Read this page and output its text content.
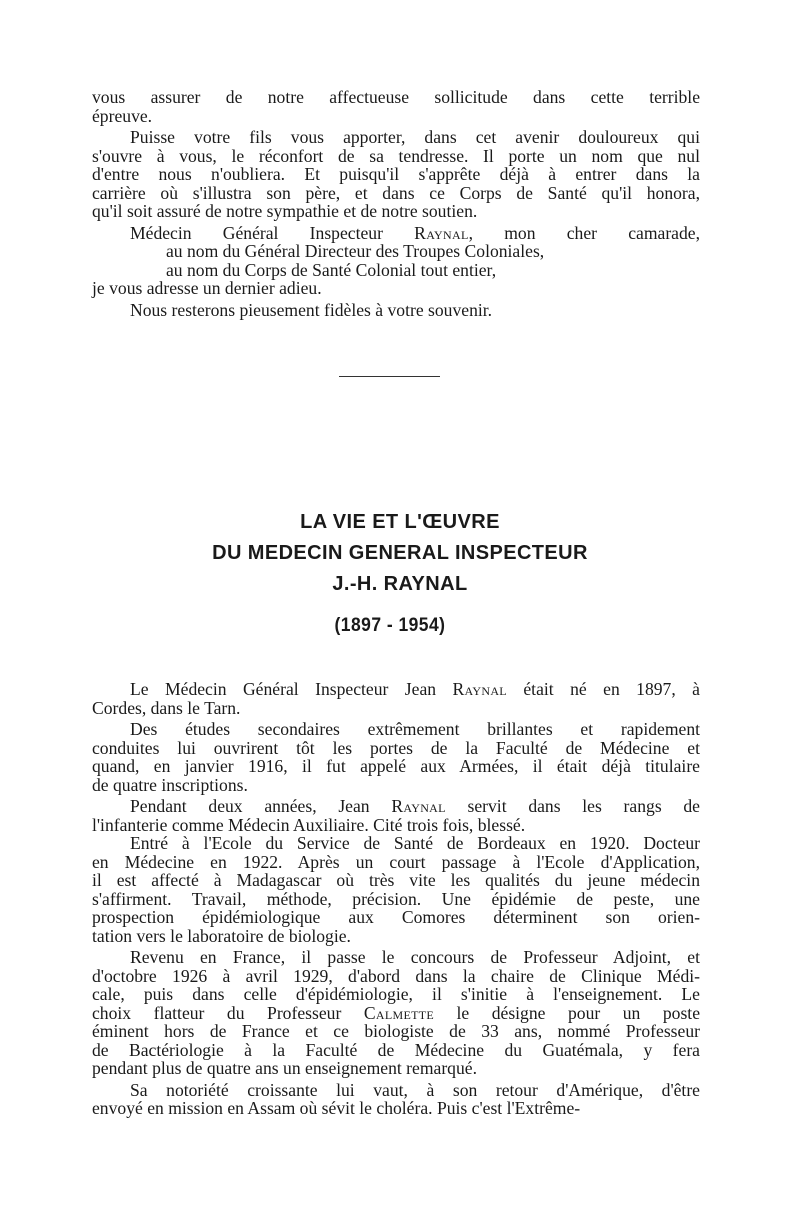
vous assurer de notre affectueuse sollicitude dans cette terrible
épreuve.

Puisse votre fils vous apporter, dans cet avenir douloureux qui
s'ouvre à vous, le réconfort de sa tendresse. Il porte un nom que nul
d'entre nous n'oubliera. Et puisqu'il s'apprête déjà à entrer dans la
carrière où s'illustra son père, et dans ce Corps de Santé qu'il honora,
qu'il soit assuré de notre sympathie et de notre soutien.

Médecin Général Inspecteur Raynal, mon cher camarade,
au nom du Général Directeur des Troupes Coloniales,
au nom du Corps de Santé Colonial tout entier,
je vous adresse un dernier adieu.

Nous resterons pieusement fidèles à votre souvenir.

LA VIE ET L'ŒUVRE
DU MEDECIN GENERAL INSPECTEUR
J.-H. RAYNAL
(1897 - 1954)

Le Médecin Général Inspecteur Jean Raynal était né en 1897, à
Cordes, dans le Tarn.

Des études secondaires extrêmement brillantes et rapidement
conduites lui ouvrirent tôt les portes de la Faculté de Médecine et
quand, en janvier 1916, il fut appelé aux Armées, il était déjà titulaire
de quatre inscriptions.

Pendant deux années, Jean Raynal servit dans les rangs de
l'infanterie comme Médecin Auxiliaire. Cité trois fois, blessé.

Entré à l'Ecole du Service de Santé de Bordeaux en 1920. Docteur
en Médecine en 1922. Après un court passage à l'Ecole d'Application,
il est affecté à Madagascar où très vite les qualités du jeune médecin
s'affirment. Travail, méthode, précision. Une épidémie de peste, une
prospection épidémiologique aux Comores déterminent son orien-
tation vers le laboratoire de biologie.

Revenu en France, il passe le concours de Professeur Adjoint, et
d'octobre 1926 à avril 1929, d'abord dans la chaire de Clinique Médi-
cale, puis dans celle d'épidémiologie, il s'initie à l'enseignement. Le
choix flatteur du Professeur Calmette le désigne pour un poste
éminent hors de France et ce biologiste de 33 ans, nommé Professeur
de Bactériologie à la Faculté de Médecine du Guatémala, y fera
pendant plus de quatre ans un enseignement remarqué.

Sa notoriété croissante lui vaut, à son retour d'Amérique, d'être
envoyé en mission en Assam où sévit le choléra. Puis c'est l'Extrême-
